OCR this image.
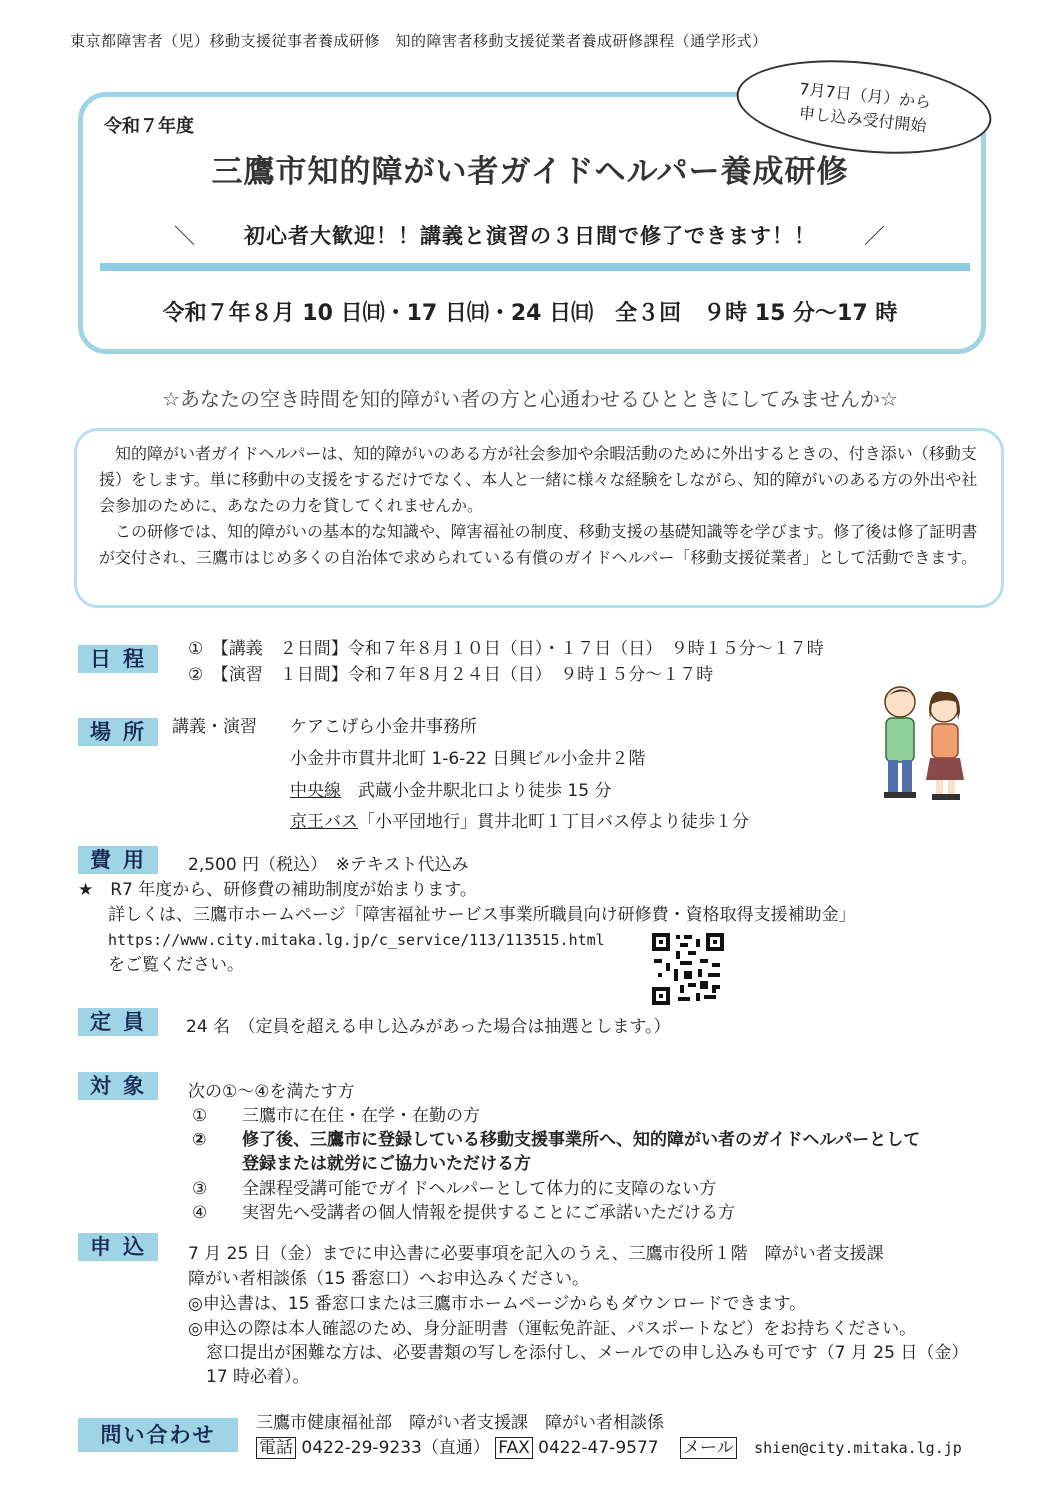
東京都障害者（児）移動支援従事者養成研修　知的障害者移動支援従業者養成研修課程（通学形式）
7月7日（月）から
申し込み受付開始
令和７年度
三鷹市知的障がい者ガイドヘルパー養成研修
＼ 初心者大歓迎！！講義と演習の３日間で修了できます！！ ／
令和７年８月 10 日㈰・17 日㈰・24 日㈰　全３回　９時 15 分～17 時
☆あなたの空き時間を知的障がい者の方と心通わせるひとときにしてみませんか☆

知的障がい者ガイドヘルパーは、知的障がいのある方が社会参加や余暇活動のために外出するときの、付き添い（移動支援）をします。単に移動中の支援をするだけでなく、本人と一緒に様々な経験をしながら、知的障がいのある方の外出や社会参加のために、あなたの力を貸してくれませんか。

この研修では、知的障がいの基本的な知識や、障害福祉の制度、移動支援の基礎知識等を学びます。修了後は修了証明書が交付され、三鷹市はじめ多くの自治体で求められている有償のガイドヘルパー「移動支援従業者」として活動できます。

日程 ①　【講義　２日間】令和７年８月１０日（日）・１７日（日）　９時１５分～１７時
②　【演習　１日間】令和７年８月２４日（日）　９時１５分～１７時
場所 講義・演習 ケアこげら小金井事務所
小金井市貫井北町 1-6-22 日興ビル小金井２階
中央線　武蔵小金井駅北口より徒歩 15 分
京王バス「小平団地行」貫井北町１丁目バス停より徒歩１分
費用 2,500 円（税込）　※テキスト代込み
★　R7 年度から、研修費の補助制度が始まります。
詳しくは、三鷹市ホームページ「障害福祉サービス事業所職員向け研修費・資格取得支援補助金」
https://www.city.mitaka.lg.jp/c_service/113/113515.html
をご覧ください。
定員 24 名　（定員を超える申し込みがあった場合は抽選とします。）
対象 次の①～④を満たす方
① 三鷹市に在住・在学・在勤の方
② 修了後、三鷹市に登録している移動支援事業所へ、知的障がい者のガイドヘルパーとして
登録または就労にご協力いただける方
③ 全課程受講可能でガイドヘルパーとして体力的に支障のない方
④ 実習先へ受講者の個人情報を提供することにご承諾いただける方
申込 7 月 25 日（金）までに申込書に必要事項を記入のうえ、三鷹市役所１階　障がい者支援課
障がい者相談係（15 番窓口）へお申込みください。
◎申込書は、15 番窓口または三鷹市ホームページからもダウンロードできます。
◎申込の際は本人確認のため、身分証明書（運転免許証、パスポートなど）をお持ちください。
窓口提出が困難な方は、必要書類の写しを添付し、メールでの申し込みも可です（7 月 25 日（金）
17 時必着）。
問い合わせ	三鷹市健康福祉部　障がい者支援課　障がい者相談係
電話 0422-29-9233（直通） FAX 0422-47-9577 メール shien@city.mitaka.lg.jp
